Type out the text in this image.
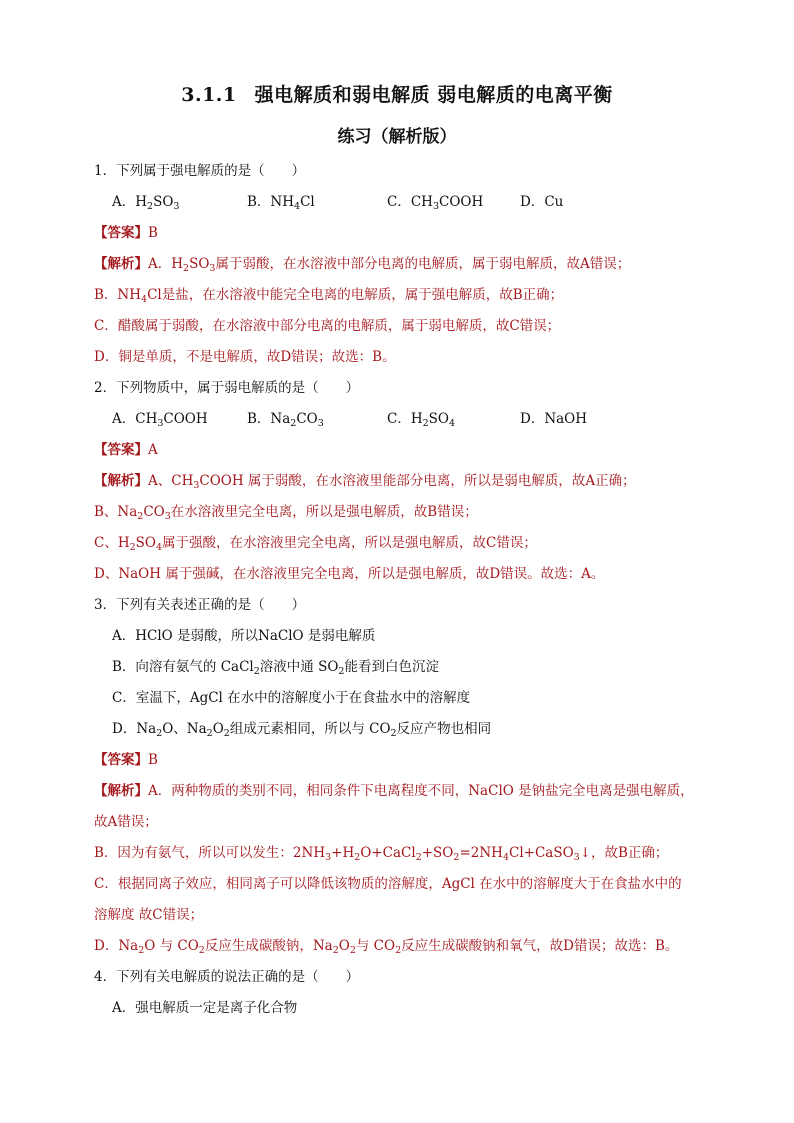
3.1.1 强电解质和弱电解质 弱电解质的电离平衡
练习（解析版）
1．下列属于强电解质的是（　　）
A．$H_2SO_3$	B．$NH_4Cl$	C．$CH_3COOH$	D．Cu
【答案】B
【解析】A．$H_2SO_3$属于弱酸，在水溶液中部分电离的电解质，属于弱电解质，故A错误；
B．$NH_4Cl$是盐，在水溶液中能完全电离的电解质，属于强电解质，故B正确；
C．醋酸属于弱酸，在水溶液中部分电离的电解质，属于弱电解质，故C错误；
D．铜是单质，不是电解质，故D错误；故选：B。
2．下列物质中，属于弱电解质的是（　　）
A．$CH_3COOH$	B．$Na_2CO_3$	C．$H_2SO_4$	D．NaOH
【答案】A
【解析】A、$CH_3COOH$ 属于弱酸，在水溶液里能部分电离，所以是弱电解质，故A正确；
B、$Na_2CO_3$在水溶液里完全电离，所以是强电解质，故B错误；
C、$H_2SO_4$属于强酸，在水溶液里完全电离，所以是强电解质，故C错误；
D、NaOH 属于强碱，在水溶液里完全电离，所以是强电解质，故D错误。故选：A。
3．下列有关表述正确的是（　　）
A．HClO 是弱酸，所以NaClO 是弱电解质
B．向溶有氨气的 CaCl$_2$溶液中通 $SO_2$能看到白色沉淀
C．室温下，AgCl 在水中的溶解度小于在食盐水中的溶解度
D．$Na_2O$、$Na_2O_2$组成元素相同，所以与 $CO_2$反应产物也相同
【答案】B
【解析】A．两种物质的类别不同，相同条件下电离程度不同，NaClO 是钠盐完全电离是强电解质，
故A错误；
B．因为有氨气，所以可以发生：$2NH_3+H_2O+CaCl_2+SO_2=2NH_4Cl+CaSO_3↓$，故B正确；
C．根据同离子效应，相同离子可以降低该物质的溶解度，AgCl 在水中的溶解度大于在食盐水中的
溶解度 故C错误；
D．$Na_2O$ 与 $CO_2$反应生成碳酸钠，$Na_2O_2$与 $CO_2$反应生成碳酸钠和氧气，故D错误；故选：B。
4．下列有关电解质的说法正确的是（　　）
A．强电解质一定是离子化合物
